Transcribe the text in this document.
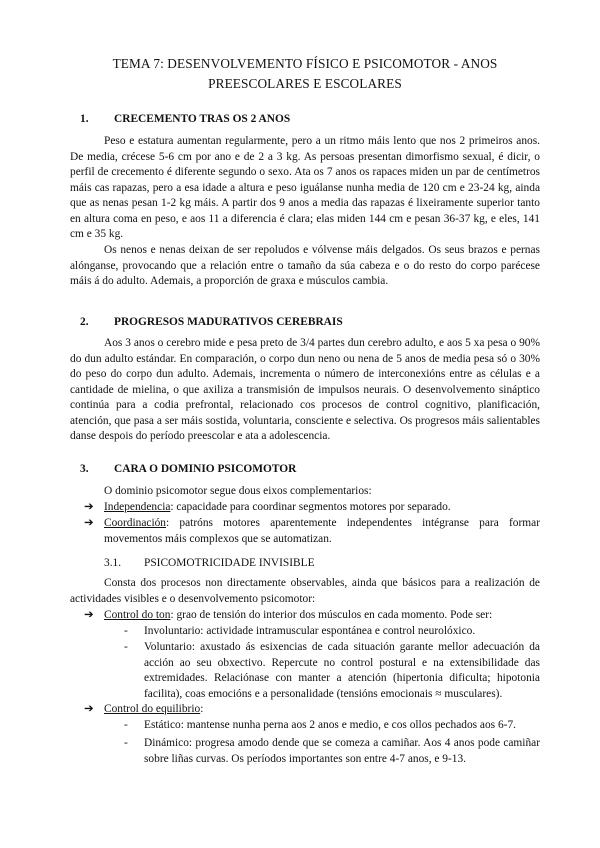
TEMA 7: DESENVOLVEMENTO FÍSICO E PSICOMOTOR - ANOS PREESCOLARES E ESCOLARES
1. CRECEMENTO TRAS OS 2 ANOS
Peso e estatura aumentan regularmente, pero a un ritmo máis lento que nos 2 primeiros anos. De media, crécese 5-6 cm por ano e de 2 a 3 kg. As persoas presentan dimorfismo sexual, é dicir, o perfil de crecemento é diferente segundo o sexo. Ata os 7 anos os rapaces miden un par de centímetros máis cas rapazas, pero a esa idade a altura e peso iguálanse nunha media de 120 cm e 23-24 kg, ainda que as nenas pesan 1-2 kg máis. A partir dos 9 anos a media das rapazas é lixeiramente superior tanto en altura coma en peso, e aos 11 a diferencia é clara; elas miden 144 cm e pesan 36-37 kg, e eles, 141 cm e 35 kg.
Os nenos e nenas deixan de ser repoludos e vólvense máis delgados. Os seus brazos e pernas alónganse, provocando que a relación entre o tamaño da súa cabeza e o do resto do corpo parécese máis á do adulto. Ademais, a proporción de graxa e músculos cambia.
2. PROGRESOS MADURATIVOS CEREBRAIS
Aos 3 anos o cerebro mide e pesa preto de 3/4 partes dun cerebro adulto, e aos 5 xa pesa o 90% do dun adulto estándar. En comparación, o corpo dun neno ou nena de 5 anos de media pesa só o 30% do peso do corpo dun adulto. Ademais, incrementa o número de interconexións entre as células e a cantidade de mielina, o que axiliza a transmisión de impulsos neurais. O desenvolvemento sináptico continúa para a codia prefrontal, relacionado cos procesos de control cognitivo, planificación, atención, que pasa a ser máis sostida, voluntaria, consciente e selectiva. Os progresos máis salientables danse despois do período preescolar e ata a adolescencia.
3. CARA O DOMINIO PSICOMOTOR
O dominio psicomotor segue dous eixos complementarios:
➔ Independencia: capacidade para coordinar segmentos motores por separado.
➔ Coordinación: patróns motores aparentemente independentes intégranse para formar movementos máis complexos que se automatizan.
3.1. PSICOMOTRICIDADE INVISIBLE
Consta dos procesos non directamente observables, ainda que básicos para a realización de actividades visibles e o desenvolvemento psicomotor:
➔ Control do ton: grao de tensión do interior dos músculos en cada momento. Pode ser:
- Involuntario: actividade intramuscular espontánea e control neurolóxico.
- Voluntario: axustado ás esixencias de cada situación garante mellor adecuación da acción ao seu obxectivo. Repercute no control postural e na extensibilidade das extremidades. Relaciónase con manter a atención (hipertonia dificulta; hipotonia facilita), coas emocións e a personalidade (tensións emocionais ≈ musculares).
➔ Control do equilibrio:
- Estático: mantense nunha perna aos 2 anos e medio, e cos ollos pechados aos 6-7.
- Dinámico: progresa amodo dende que se comeza a camiñar. Aos 4 anos pode camiñar sobre liñas curvas. Os períodos importantes son entre 4-7 anos, e 9-13.
